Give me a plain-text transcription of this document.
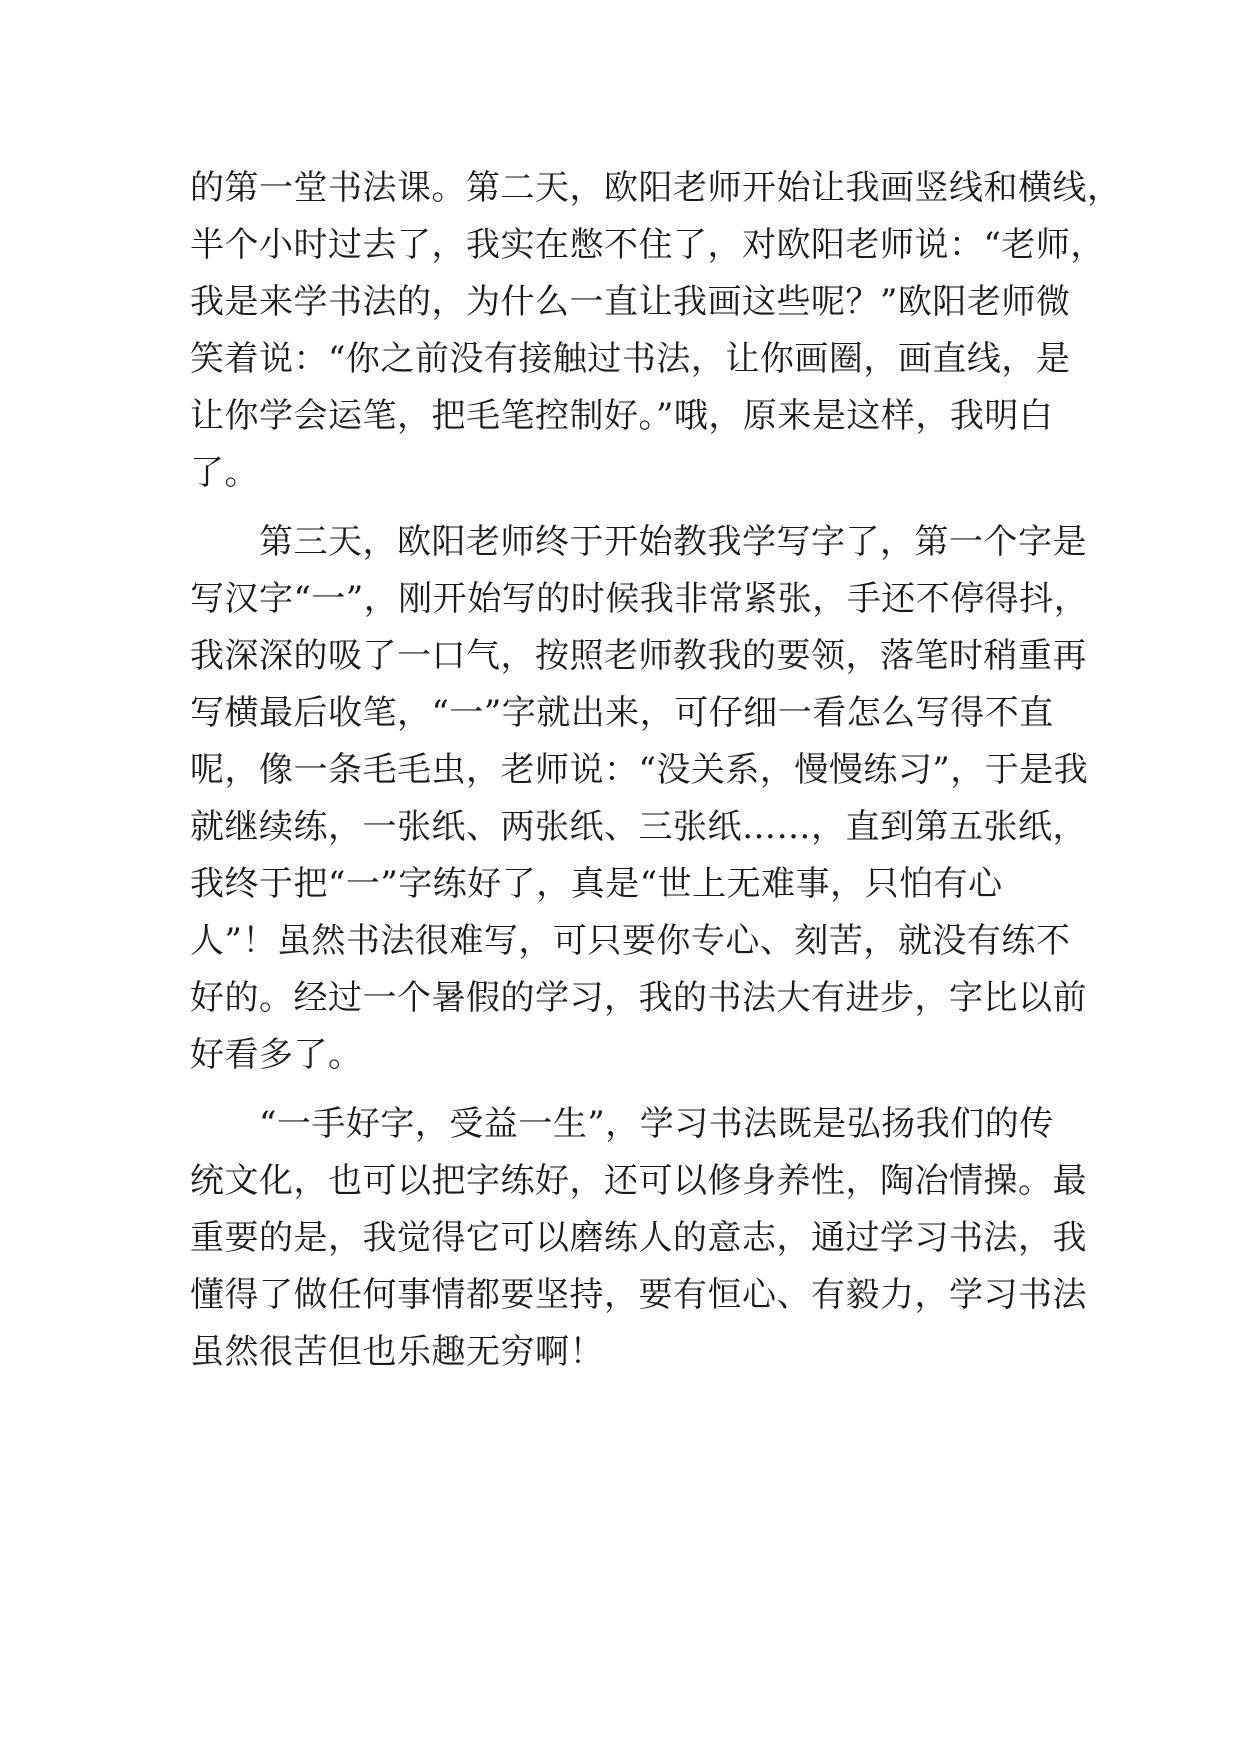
的第一堂书法课。第二天，欧阳老师开始让我画竖线和横线，
半个小时过去了，我实在憋不住了，对欧阳老师说：“老师，
我是来学书法的，为什么一直让我画这些呢？”欧阳老师微
笑着说：“你之前没有接触过书法，让你画圈，画直线，是
让你学会运笔，把毛笔控制好。”哦，原来是这样，我明白
了。
　　第三天，欧阳老师终于开始教我学写字了，第一个字是
写汉字“一”，刚开始写的时候我非常紧张，手还不停得抖，
我深深的吸了一口气，按照老师教我的要领，落笔时稍重再
写横最后收笔，“一”字就出来，可仔细一看怎么写得不直
呢，像一条毛毛虫，老师说：“没关系，慢慢练习”，于是我
就继续练，一张纸、两张纸、三张纸……，直到第五张纸，
我终于把“一”字练好了，真是“世上无难事，只怕有心
人”！虽然书法很难写，可只要你专心、刻苦，就没有练不
好的。经过一个暑假的学习，我的书法大有进步，字比以前
好看多了。
　　“一手好字，受益一生”，学习书法既是弘扬我们的传
统文化，也可以把字练好，还可以修身养性，陶冶情操。最
重要的是，我觉得它可以磨练人的意志，通过学习书法，我
懂得了做任何事情都要坚持，要有恒心、有毅力，学习书法
虽然很苦但也乐趣无穷啊！
